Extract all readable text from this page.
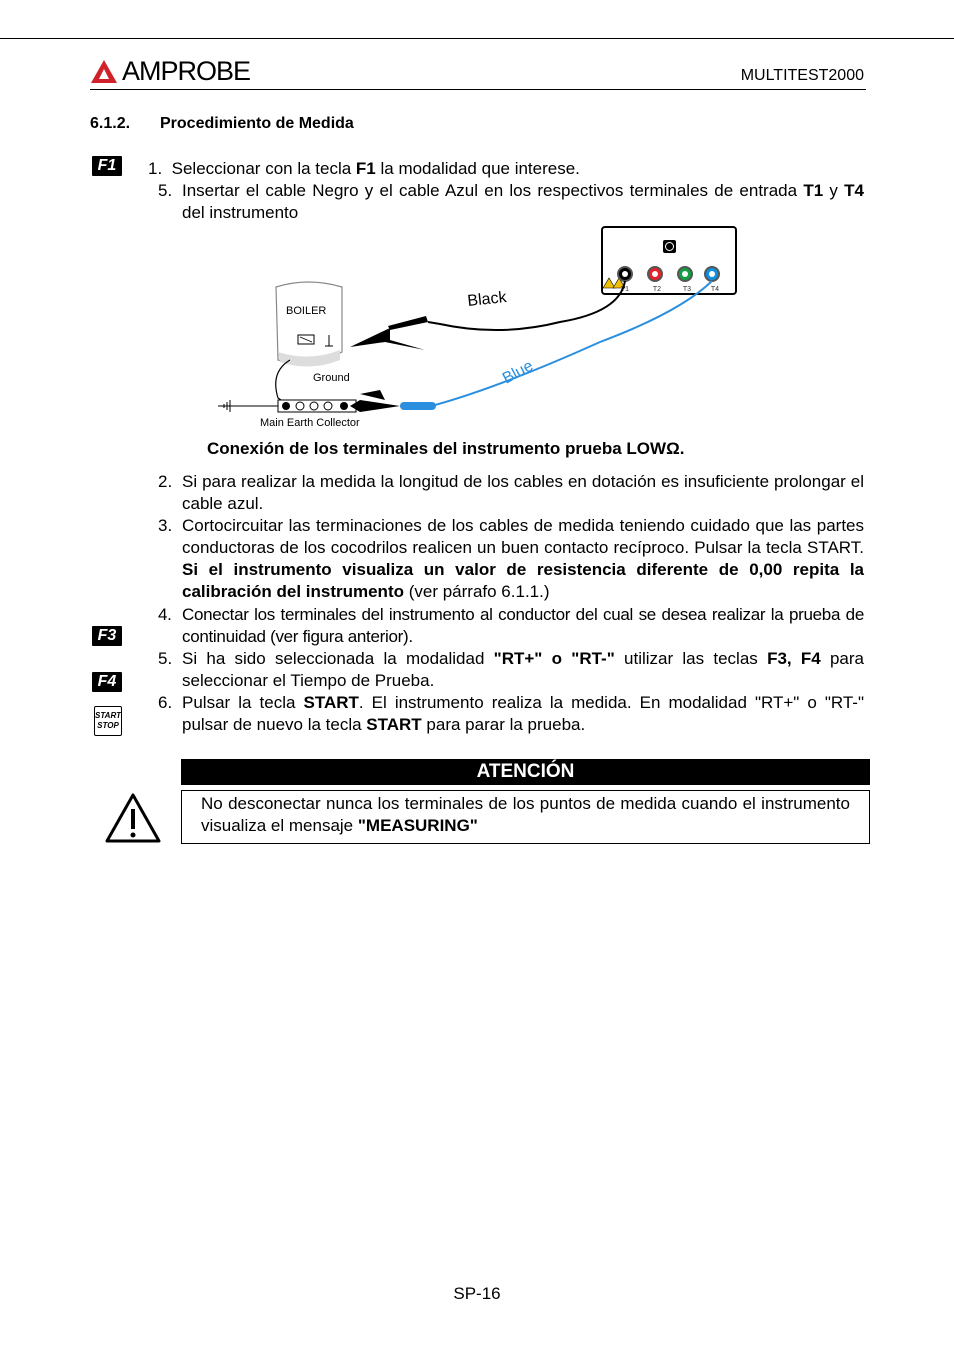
AMPROBE	MULTITEST2000
6.1.2. Procedimiento de Medida
F1
F3
F4
START
STOP
1. Seleccionar con la tecla F1 la modalidad que interese.
5. Insertar el cable Negro y el cable Azul en los respectivos terminales de entrada T1 y T4 del instrumento
T1	T2	T3	T4
BOILER
Ground
Main Earth Collector
Black
Blue
Conexión de los terminales del instrumento prueba LOWΩ.
2. Si para realizar la medida la longitud de los cables en dotación es insuficiente prolongar el cable azul.
3. Cortocircuitar las terminaciones de los cables de medida teniendo cuidado que las partes conductoras de los cocodrilos realicen un buen contacto recíproco. Pulsar la tecla START. Si el instrumento visualiza un valor de resistencia diferente de 0,00 repita la calibración del instrumento (ver párrafo 6.1.1.)
4. Conectar los terminales del instrumento al conductor del cual se desea realizar la prueba de continuidad (ver figura anterior).
5. Si ha sido seleccionada la modalidad "RT+" o "RT-" utilizar las teclas F3, F4 para seleccionar el Tiempo de Prueba.
6. Pulsar la tecla START. El instrumento realiza la medida. En modalidad "RT+" o "RT-" pulsar de nuevo la tecla START para parar la prueba.
ATENCIÓN
No desconectar nunca los terminales de los puntos de medida cuando el instrumento visualiza el mensaje "MEASURING"
SP-16
